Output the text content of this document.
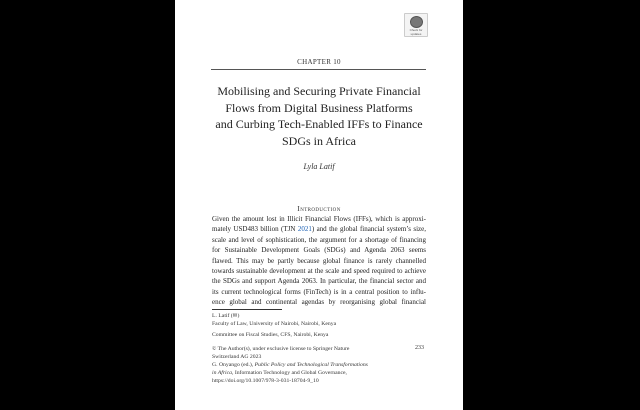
Check for
updates
CHAPTER 10
Mobilising and Securing Private Financial
Flows from Digital Business Platforms
and Curbing Tech-Enabled IFFs to Finance
SDGs in Africa
Lyla Latif
Introduction
Given the amount lost in Illicit Financial Flows (IFFs), which is approxi-
mately USD483 billion (TJN 2021) and the global financial system’s size,
scale and level of sophistication, the argument for a shortage of financing
for Sustainable Development Goals (SDGs) and Agenda 2063 seems
flawed. This may be partly because global finance is rarely channelled
towards sustainable development at the scale and speed required to achieve
the SDGs and support Agenda 2063. In particular, the financial sector and
its current technological forms (FinTech) is in a central position to influ-
ence global and continental agendas by reorganising global financial
L. Latif (✉)
Faculty of Law, University of Nairobi, Nairobi, Kenya
Committee on Fiscal Studies, CFS, Nairobi, Kenya
© The Author(s), under exclusive license to Springer Nature	233
Switzerland AG 2023
G. Onyango (ed.), Public Policy and Technological Transformations
in Africa, Information Technology and Global Governance,
https://doi.org/10.1007/978-3-031-18704-9_10
